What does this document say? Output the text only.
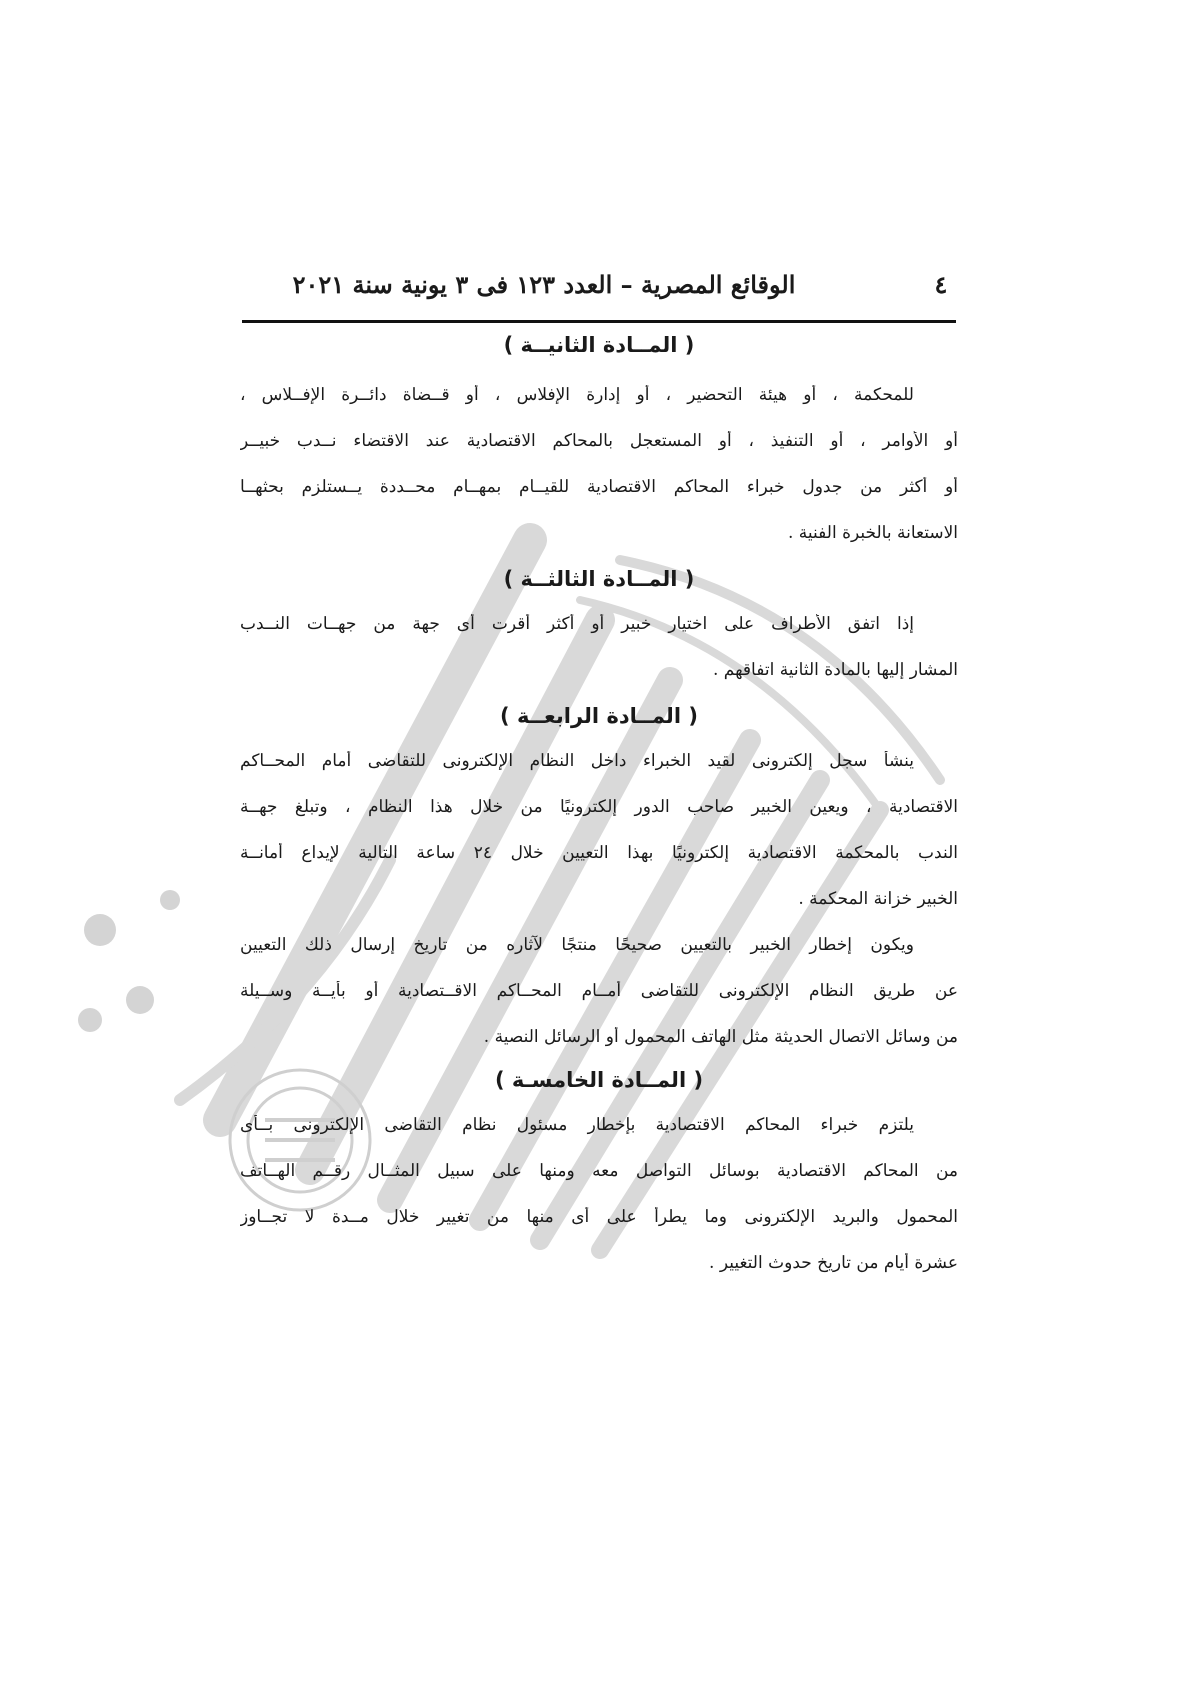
الوقائع المصرية – العدد ١٢٣ فى ٣ يونية سنة ٢٠٢١	٤
( المــادة الثانيــة )
للمحكمة ، أو هيئة التحضير ، أو إدارة الإفلاس ، أو قــضاة دائــرة الإفــلاس ،
أو الأوامر ، أو التنفيذ ، أو المستعجل بالمحاكم الاقتصادية عند الاقتضاء نــدب خبيــر
أو أكثر من جدول خبراء المحاكم الاقتصادية للقيــام بمهــام محــددة يــستلزم بحثهــا
الاستعانة بالخبرة الفنية .
( المــادة الثالثــة )
إذا اتفق الأطراف على اختيار خبير أو أكثر أقرت أى جهة من جهــات النــدب
المشار إليها بالمادة الثانية اتفاقهم .
( المــادة الرابعــة )
ينشأ سجل إلكترونى لقيد الخبراء داخل النظام الإلكترونى للتقاضى أمام المحــاكم
الاقتصادية ، ويعين الخبير صاحب الدور إلكترونيًا من خلال هذا النظام ، وتبلغ جهــة
الندب بالمحكمة الاقتصادية إلكترونيًا بهذا التعيين خلال ٢٤ ساعة التالية لإيداع أمانــة
الخبير خزانة المحكمة .
ويكون إخطار الخبير بالتعيين صحيحًا منتجًا لآثاره من تاريخ إرسال ذلك التعيين
عن طريق النظام الإلكترونى للتقاضى أمــام المحــاكم الاقــتصادية أو بأيــة وســيلة
من وسائل الاتصال الحديثة مثل الهاتف المحمول أو الرسائل النصية .
( المــادة الخامسـة )
يلتزم خبراء المحاكم الاقتصادية بإخطار مسئول نظام التقاضى الإلكترونى بــأى
من المحاكم الاقتصادية بوسائل التواصل معه ومنها على سبيل المثــال رقــم الهــاتف
المحمول والبريد الإلكترونى وما يطرأ على أى منها من تغيير خلال مــدة لا تجــاوز
عشرة أيام من تاريخ حدوث التغيير .
